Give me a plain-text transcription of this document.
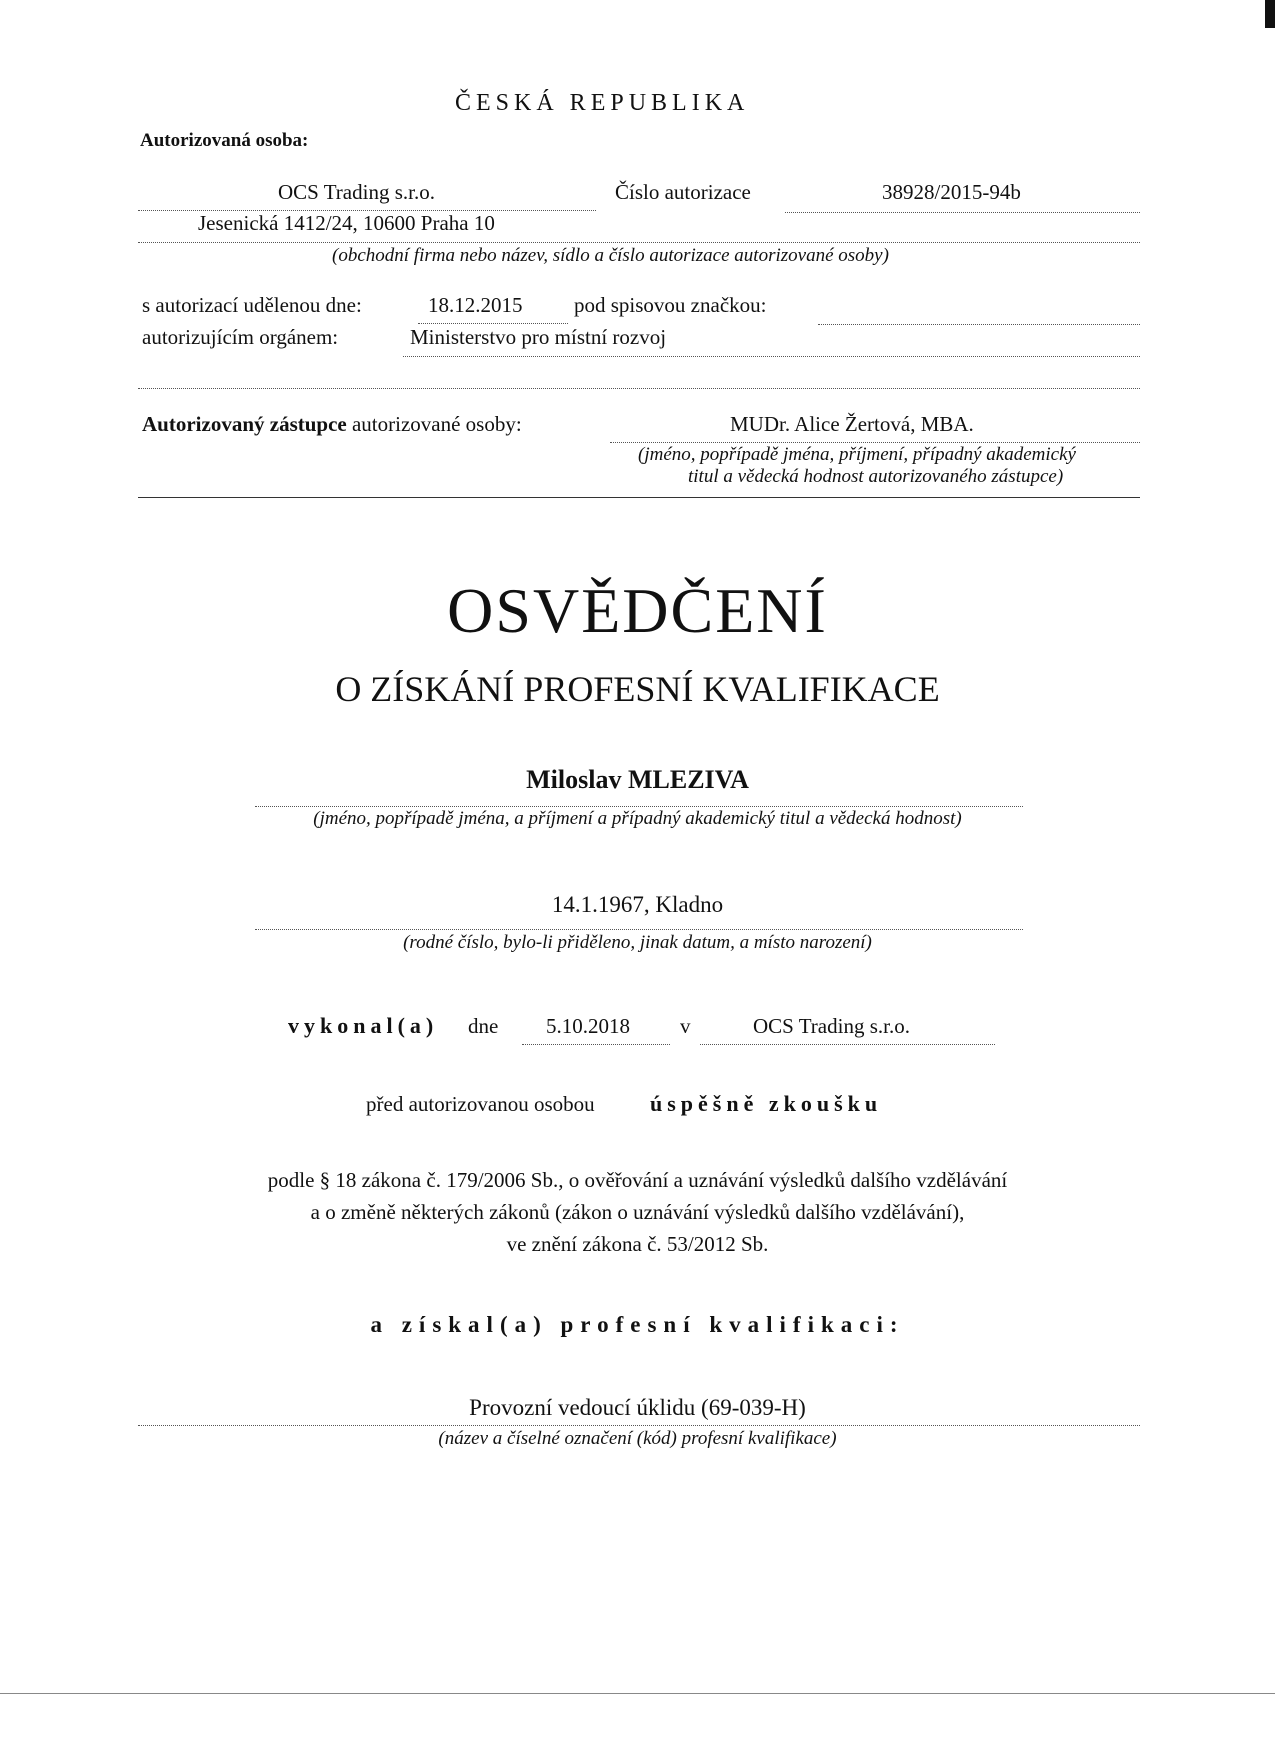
ČESKÁ REPUBLIKA
Autorizovaná osoba:
OCS Trading s.r.o.	Číslo autorizace	38928/2015-94b
Jesenická 1412/24, 10600 Praha 10
(obchodní firma nebo název, sídlo a číslo autorizace autorizované osoby)
s autorizací udělenou dne:	18.12.2015 pod spisovou značkou:
autorizujícím orgánem:	Ministerstvo pro místní rozvoj
Autorizovaný zástupce autorizované osoby:	MUDr. Alice Žertová, MBA.
(jméno, popřípadě jména, příjmení, případný akademický
titul a vědecká hodnost autorizovaného zástupce)
OSVĚDČENÍ
O ZÍSKÁNÍ PROFESNÍ KVALIFIKACE
Miloslav MLEZIVA
(jméno, popřípadě jména, a příjmení a případný akademický titul a vědecká hodnost)
14.1.1967, Kladno
(rodné číslo, bylo-li přiděleno, jinak datum, a místo narození)
vykonal(a) dne 5.10.2018 v	OCS Trading s.r.o.
před autorizovanou osobou	úspěšně zkoušku
podle § 18 zákona č. 179/2006 Sb., o ověřování a uznávání výsledků dalšího vzdělávání
a o změně některých zákonů (zákon o uznávání výsledků dalšího vzdělávání),
ve znění zákona č. 53/2012 Sb.
a získal(a) profesní kvalifikaci:
Provozní vedoucí úklidu (69-039-H)
(název a číselné označení (kód) profesní kvalifikace)
